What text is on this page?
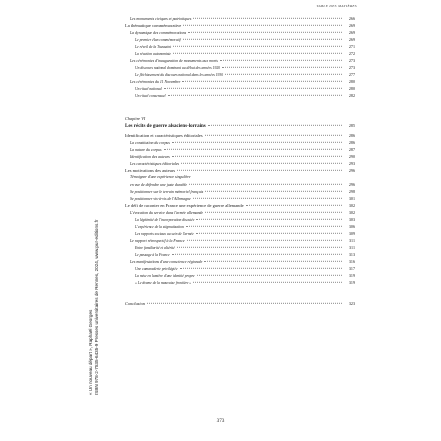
TABLE DES MATIÈRES
Les monuments civiques et patriotiques	266
La thématique commémorative	269
La dynamique des commémorations	269
Le premier élan commémoratif	269
Le réveil de la Toussaint	271
La réaction autonomiste	272
Les cérémonies d'inauguration de monuments aux morts	273
Un discours national dominant au début des années 1920	273
Le fléchissement du discours national dans les années 1930	277
Les cérémonies du 11 Novembre	280
Un rituel national	280
Un rituel consensuel	282
Chapitre VI
Les récits de guerre alsaciens-lorrains	285
Identification et caractéristiques éditoriales	286
La constitution du corpus	286
La nature du corpus	287
Identification des auteurs	290
Les caractéristiques éditoriales	293
Les motivations des auteurs	296
Témoigner d'une expérience singulière
en vue de défendre une juste durable	296
Se positionner sur le terrain mémoriel français	298
Se positionner vis-à-vis de l'Allemagne	301
Le défi de raconter en France une expérience de guerre allemande	302
L'évocation du service dans l'armée allemande	302
La légitimité de l'incorporation discutée	303
L'expérience de la stigmatisation	306
Les rapports sociaux au sein de l'armée	309
Le rapport rétrospectif à la France	311
Entre familiarité et altérité	311
Le passage à la France	313
Les manifestations d'une conscience régionale	316
Une camaraderie privilégiée	317
La mise en lumière d'une identité propre	319
« Le drame de la mauvaise frontière »	319
Conclusion	323
373
« Un nouveau départ », Raphaël Georges ISBN 978-2-7535-6435-9 Presses universitaires de Rennes, 2024, www.pur-editions.fr
